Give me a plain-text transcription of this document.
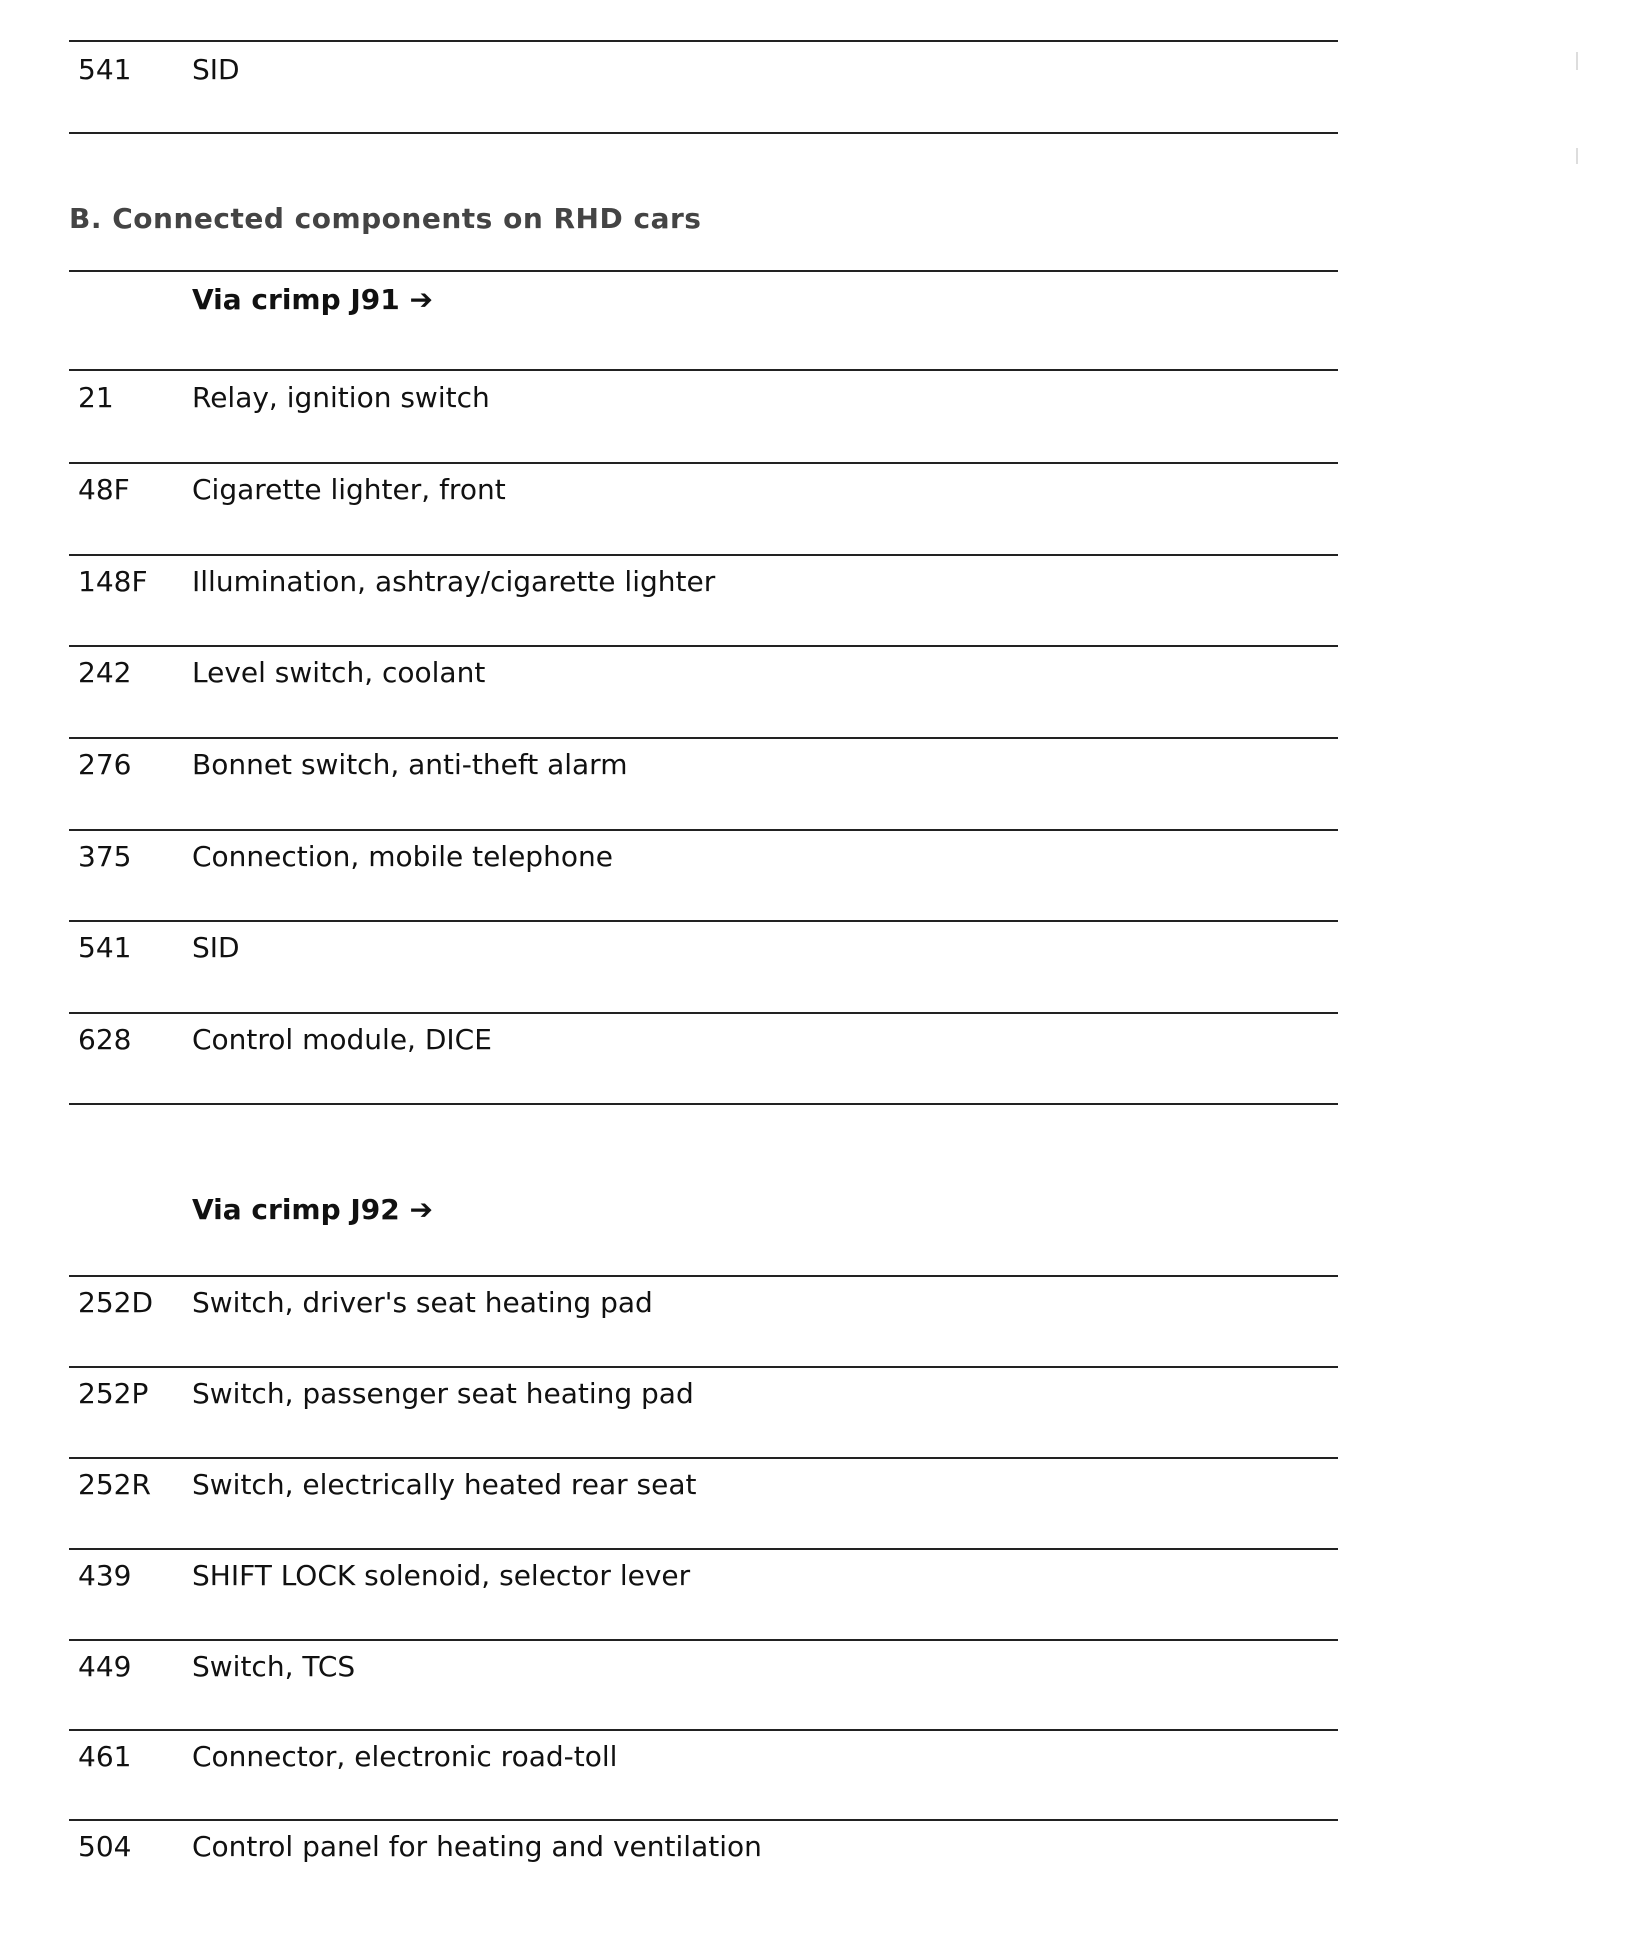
541 SID
B. Connected components on RHD cars
Via crimp J91 ➔
21	Relay, ignition switch
48F Cigarette lighter, front
148F Illumination, ashtray/cigarette lighter
242 Level switch, coolant
276 Bonnet switch, anti-theft alarm
375 Connection, mobile telephone
541 SID
628 Control module, DICE
Via crimp J92 ➔
252D Switch, driver's seat heating pad
252P Switch, passenger seat heating pad
252R Switch, electrically heated rear seat
439 SHIFT LOCK solenoid, selector lever
449 Switch, TCS
461 Connector, electronic road-toll
504 Control panel for heating and ventilation
